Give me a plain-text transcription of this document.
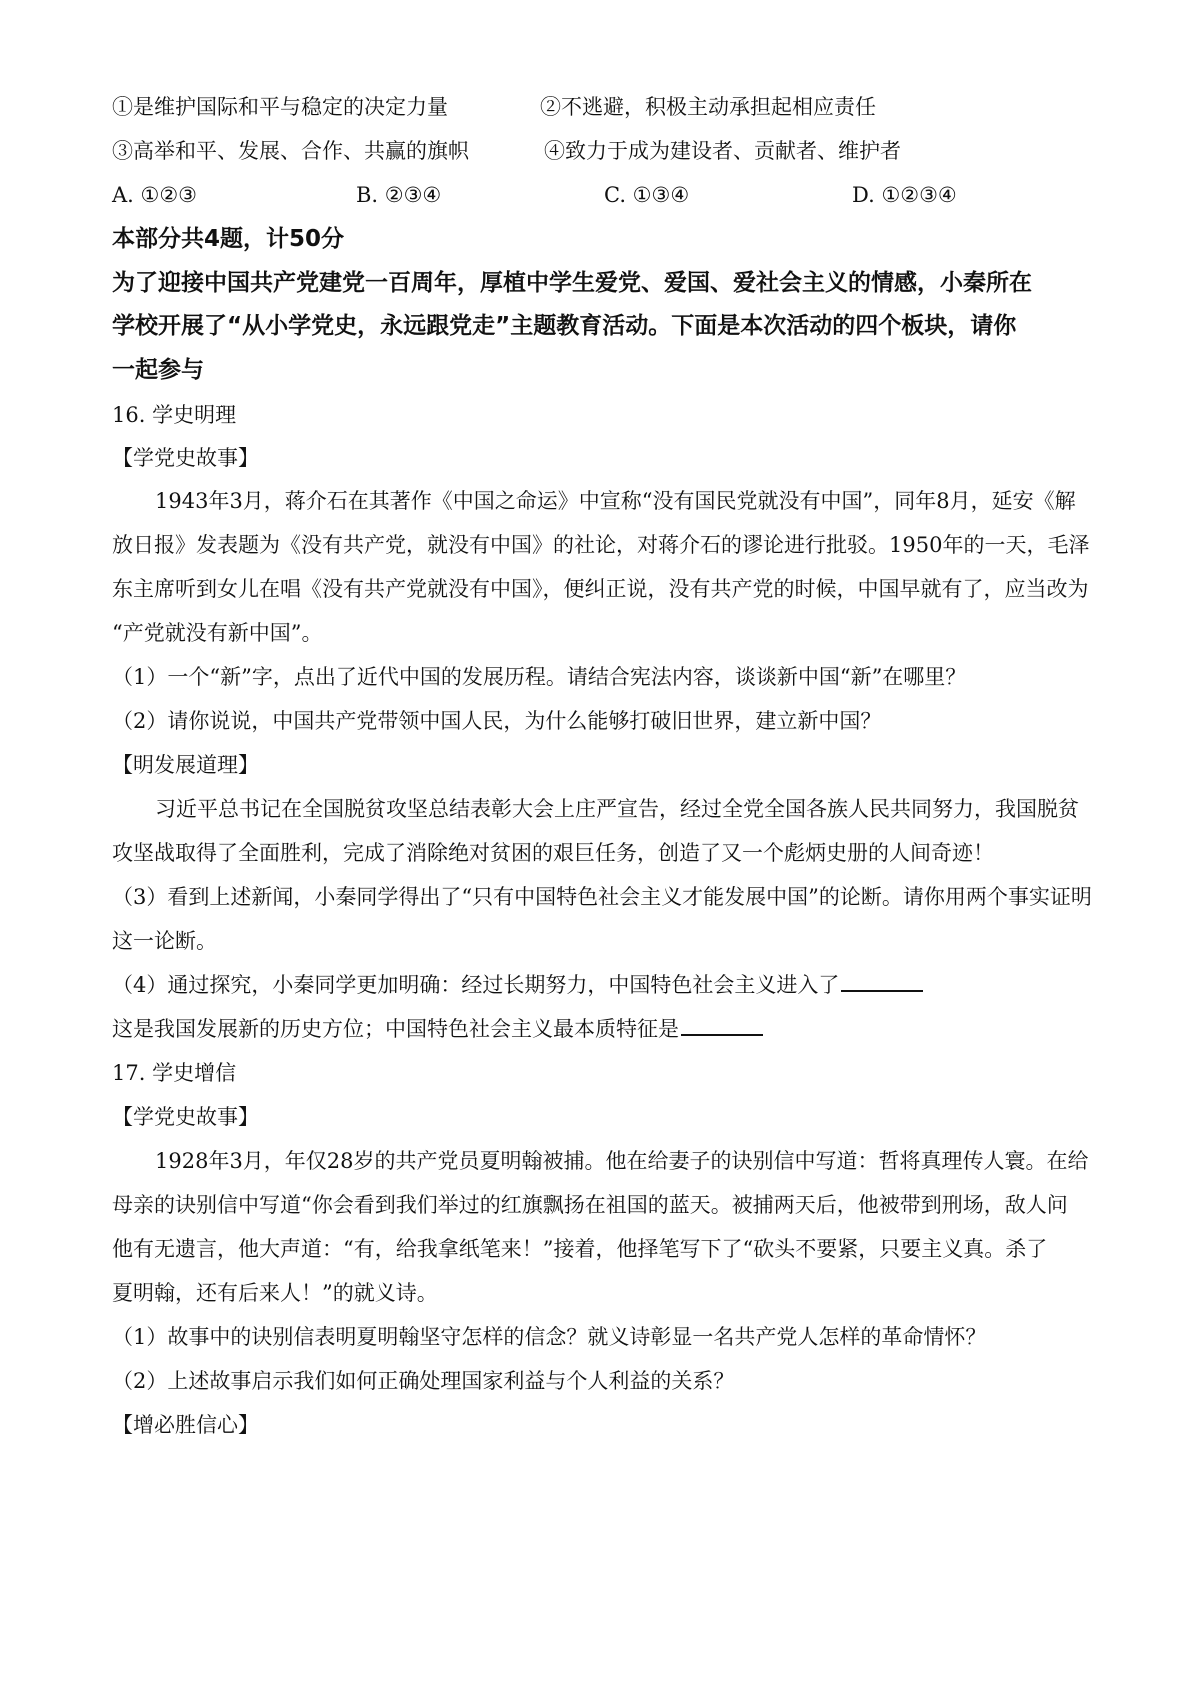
①是维护国际和平与稳定的决定力量	②不逃避，积极主动承担起相应责任
③高举和平、发展、合作、共赢的旗帜	④致力于成为建设者、贡献者、维护者
A. ①②③	B. ②③④	C. ①③④	D. ①②③④
本部分共4题，计50分
为了迎接中国共产党建党一百周年，厚植中学生爱党、爱国、爱社会主义的情感，小秦所在
学校开展了“从小学党史，永远跟党走”主题教育活动。下面是本次活动的四个板块，请你
一起参与
16. 学史明理
【学党史故事】
1943年3月，蒋介石在其著作《中国之命运》中宣称“没有国民党就没有中国”，同年8月，延安《解
放日报》发表题为《没有共产党，就没有中国》的社论，对蒋介石的谬论进行批驳。1950年的一天，毛泽
东主席听到女儿在唱《没有共产党就没有中国》，便纠正说，没有共产党的时候，中国早就有了，应当改为
“产党就没有新中国”。
（1）一个“新”字，点出了近代中国的发展历程。请结合宪法内容，谈谈新中国“新”在哪里？
（2）请你说说，中国共产党带领中国人民，为什么能够打破旧世界，建立新中国？
【明发展道理】
习近平总书记在全国脱贫攻坚总结表彰大会上庄严宣告，经过全党全国各族人民共同努力，我国脱贫
攻坚战取得了全面胜利，完成了消除绝对贫困的艰巨任务，创造了又一个彪炳史册的人间奇迹！
（3）看到上述新闻，小秦同学得出了“只有中国特色社会主义才能发展中国”的论断。请你用两个事实证明
这一论断。
（4）通过探究，小秦同学更加明确：经过长期努力，中国特色社会主义进入了
这是我国发展新的历史方位；中国特色社会主义最本质特征是
17. 学史增信
【学党史故事】
1928年3月，年仅28岁的共产党员夏明翰被捕。他在给妻子的诀别信中写道：哲将真理传人寰。在给
母亲的诀别信中写道“你会看到我们举过的红旗飘扬在祖国的蓝天。被捕两天后，他被带到刑场，敌人问
他有无遗言，他大声道：“有，给我拿纸笔来！”接着，他择笔写下了“砍头不要紧，只要主义真。杀了
夏明翰，还有后来人！”的就义诗。
（1）故事中的诀别信表明夏明翰坚守怎样的信念？就义诗彰显一名共产党人怎样的革命情怀？
（2）上述故事启示我们如何正确处理国家利益与个人利益的关系？
【增必胜信心】
